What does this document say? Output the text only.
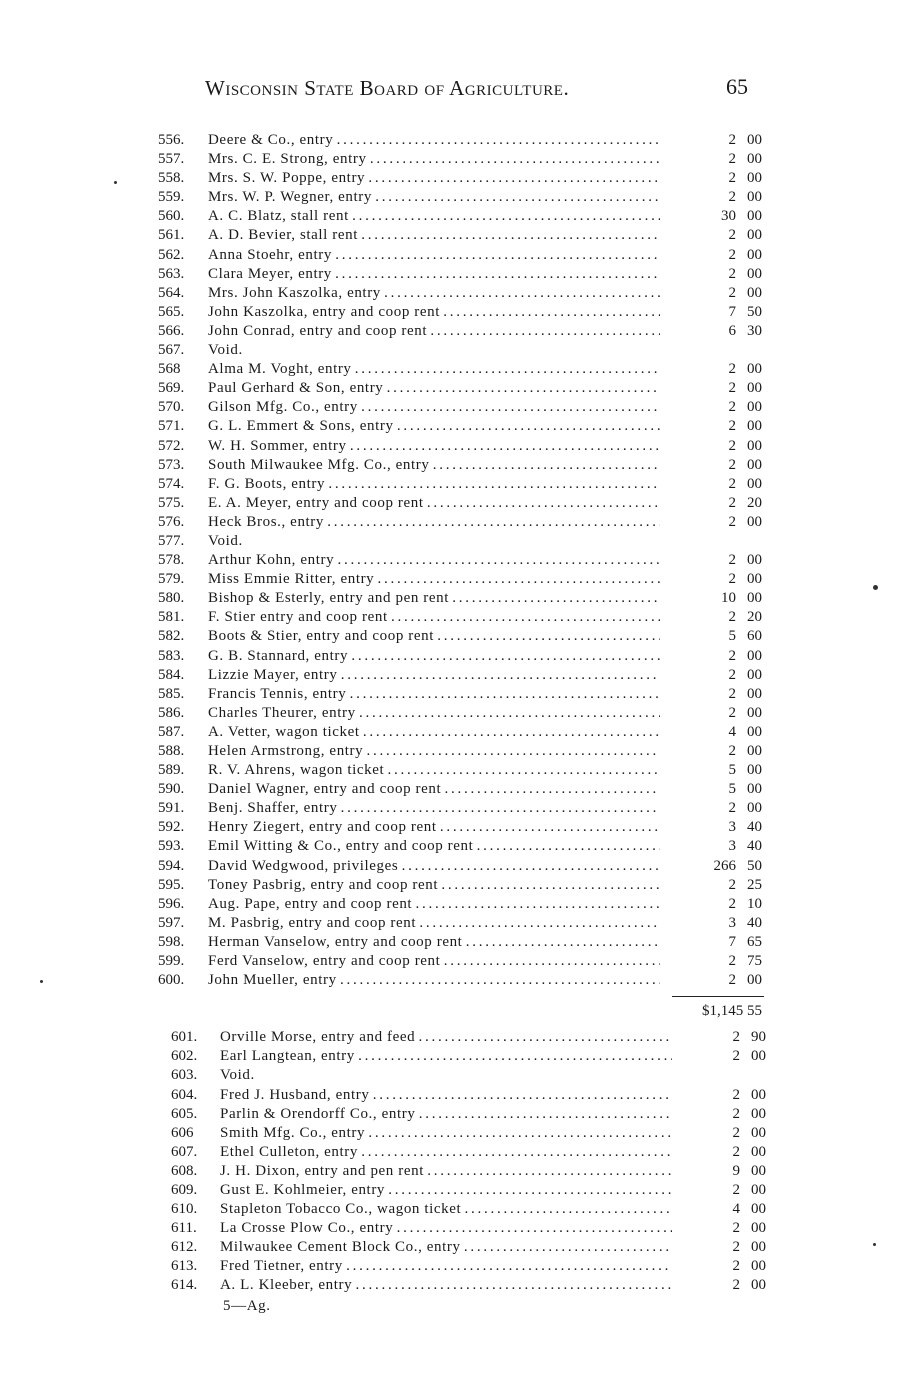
Wisconsin State Board of Agriculture.	65
556.	Deere & Co., entry . . .	2 00
557.	Mrs. C. E. Strong, entry . . .	2 00
558.	Mrs. S. W. Poppe, entry . . .	2 00
559.	Mrs. W. P. Wegner, entry . . .	2 00
560.	A. C. Blatz, stall rent . . .	30 00
561.	A. D. Bevier, stall rent . . .	2 00
562.	Anna Stoehr, entry . . .	2 00
563.	Clara Meyer, entry . . .	2 00
564.	Mrs. John Kaszolka, entry . . .	2 00
565.	John Kaszolka, entry and coop rent . . .	7 50
566.	John Conrad, entry and coop rent . . .	6 30
567.	Void.
568	Alma M. Voght, entry . . .	2 00
569.	Paul Gerhard & Son, entry . . .	2 00
570.	Gilson Mfg. Co., entry . . .	2 00
571.	G. L. Emmert & Sons, entry . . .	2 00
572.	W. H. Sommer, entry . . .	2 00
573.	South Milwaukee Mfg. Co., entry . . .	2 00
574.	F. G. Boots, entry . . .	2 00
575.	E. A. Meyer, entry and coop rent . . .	2 20
576.	Heck Bros., entry . . .	2 00
577.	Void.
578.	Arthur Kohn, entry . . .	2 00
579.	Miss Emmie Ritter, entry . . .	2 00
580.	Bishop & Esterly, entry and pen rent . . .	10 00
581.	F. Stier entry and coop rent . . .	2 20
582.	Boots & Stier, entry and coop rent . . .	5 60
583.	G. B. Stannard, entry . . .	2 00
584.	Lizzie Mayer, entry . . .	2 00
585.	Francis Tennis, entry . . .	2 00
586.	Charles Theurer, entry . . .	2 00
587.	A. Vetter, wagon ticket . . .	4 00
588.	Helen Armstrong, entry . . .	2 00
589.	R. V. Ahrens, wagon ticket . . .	5 00
590.	Daniel Wagner, entry and coop rent . . .	5 00
591.	Benj. Shaffer, entry . . .	2 00
592.	Henry Ziegert, entry and coop rent . . .	3 40
593.	Emil Witting & Co., entry and coop rent . . .	3 40
594.	David Wedgwood, privileges . . .	266 50
595.	Toney Pasbrig, entry and coop rent . . .	2 25
596.	Aug. Pape, entry and coop rent . . .	2 10
597.	M. Pasbrig, entry and coop rent . . .	3 40
598.	Herman Vanselow, entry and coop rent . . .	7 65
599.	Ferd Vanselow, entry and coop rent . . .	2 75
600.	John Mueller, entry . . .	2 00
$1,145 55
601.	Orville Morse, entry and feed . . .	2 90
602.	Earl Langtean, entry . . .	2 00
603.	Void.
604.	Fred J. Husband, entry . . .	2 00
605.	Parlin & Orendorff Co., entry . . .	2 00
606	Smith Mfg. Co., entry . . .	2 00
607.	Ethel Culleton, entry . . .	2 00
608.	J. H. Dixon, entry and pen rent . . .	9 00
609.	Gust E. Kohlmeier, entry . . .	2 00
610.	Stapleton Tobacco Co., wagon ticket . . .	4 00
611.	La Crosse Plow Co., entry . . .	2 00
612.	Milwaukee Cement Block Co., entry . . .	2 00
613.	Fred Tietner, entry . . .	2 00
614.	A. L. Kleeber, entry . . .	2 00
5—Ag.
